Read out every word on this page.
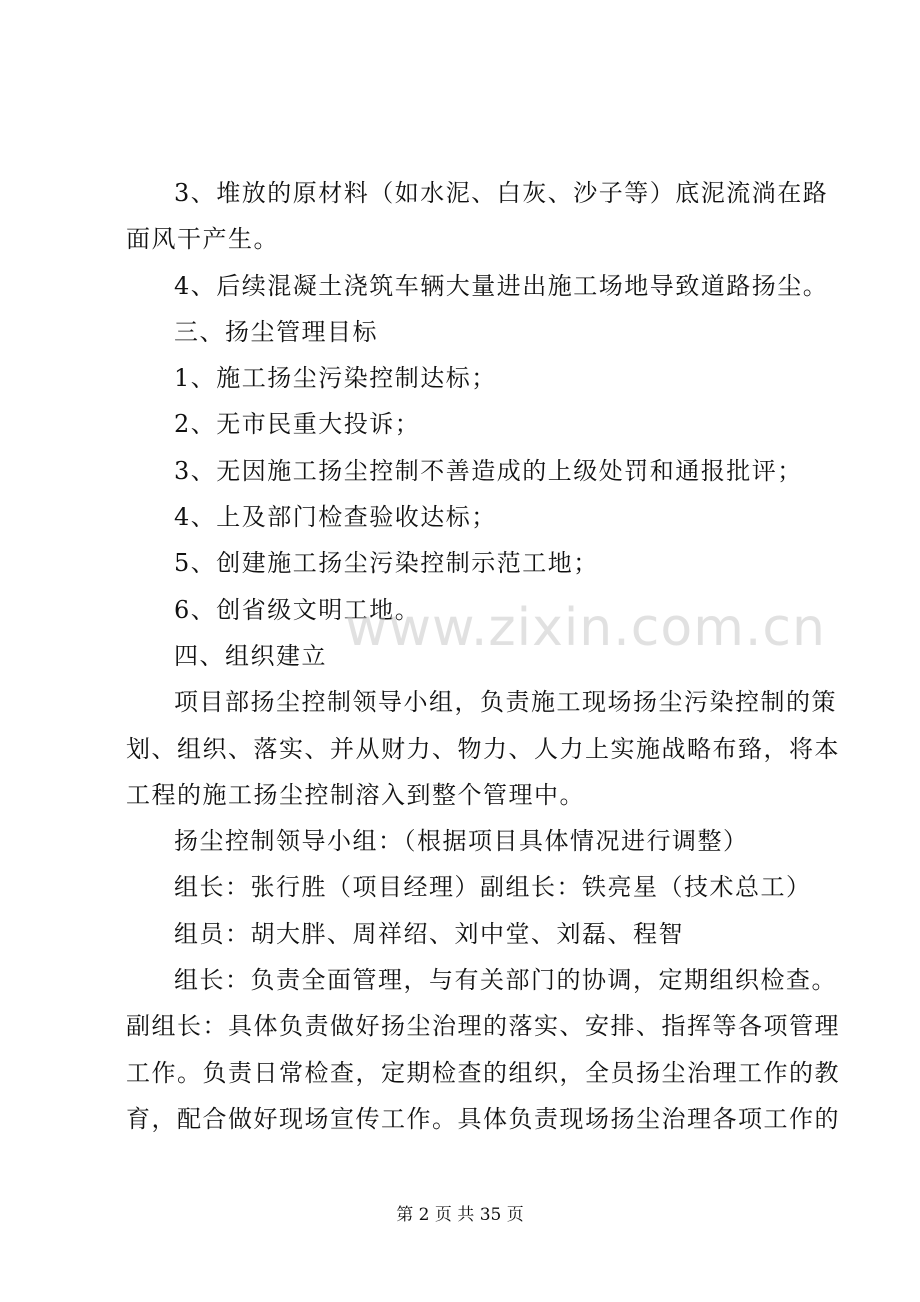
3、堆放的原材料（如水泥、白灰、沙子等）底泥流淌在路
面风干产生。
4、后续混凝土浇筑车辆大量进出施工场地导致道路扬尘。
三、扬尘管理目标
1、施工扬尘污染控制达标；
2、无市民重大投诉；
3、无因施工扬尘控制不善造成的上级处罚和通报批评；
4、上及部门检查验收达标；
5、创建施工扬尘污染控制示范工地；
6、创省级文明工地。
四、组织建立
项目部扬尘控制领导小组，负责施工现场扬尘污染控制的策
划、组织、落实、并从财力、物力、人力上实施战略布臵，将本
工程的施工扬尘控制溶入到整个管理中。
扬尘控制领导小组：（根据项目具体情况进行调整）
组长：张行胜（项目经理）副组长：铁亮星（技术总工）
组员：胡大胖、周祥绍、刘中堂、刘磊、程智
组长：负责全面管理，与有关部门的协调，定期组织检查。
副组长：具体负责做好扬尘治理的落实、安排、指挥等各项管理
工作。负责日常检查，定期检查的组织，全员扬尘治理工作的教
育，配合做好现场宣传工作。具体负责现场扬尘治理各项工作的
www.zixin.com.cn
第 2 页 共 35 页
